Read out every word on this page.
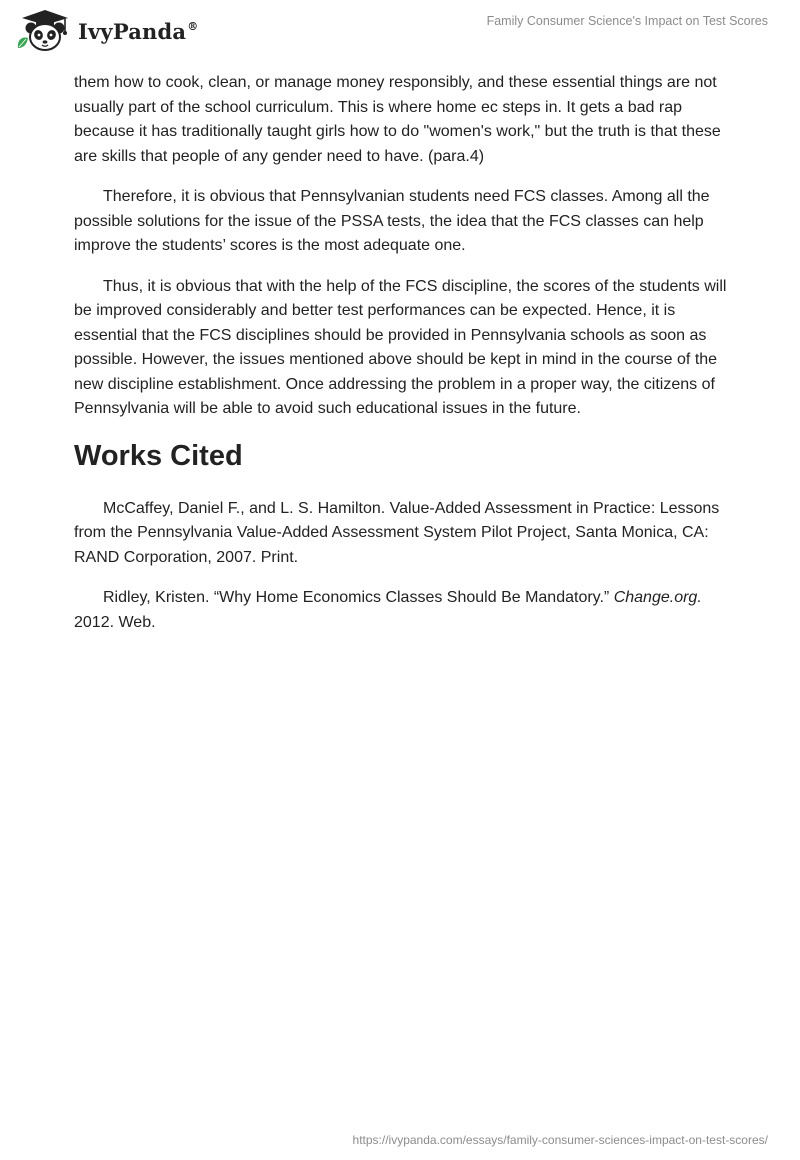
IvyPanda®	Family Consumer Science's Impact on Test Scores

them how to cook, clean, or manage money responsibly, and these essential things are not usually part of the school curriculum. This is where home ec steps in. It gets a bad rap because it has traditionally taught girls how to do "women's work," but the truth is that these are skills that people of any gender need to have. (para.4)

Therefore, it is obvious that Pennsylvanian students need FCS classes. Among all the possible solutions for the issue of the PSSA tests, the idea that the FCS classes can help improve the students’ scores is the most adequate one.

Thus, it is obvious that with the help of the FCS discipline, the scores of the students will be improved considerably and better test performances can be expected. Hence, it is essential that the FCS disciplines should be provided in Pennsylvania schools as soon as possible. However, the issues mentioned above should be kept in mind in the course of the new discipline establishment. Once addressing the problem in a proper way, the citizens of Pennsylvania will be able to avoid such educational issues in the future.

Works Cited

McCaffey, Daniel F., and L. S. Hamilton. Value-Added Assessment in Practice: Lessons from the Pennsylvania Value-Added Assessment System Pilot Project, Santa Monica, CA: RAND Corporation, 2007. Print.

Ridley, Kristen. “Why Home Economics Classes Should Be Mandatory.” Change.org. 2012. Web.

https://ivypanda.com/essays/family-consumer-sciences-impact-on-test-scores/
